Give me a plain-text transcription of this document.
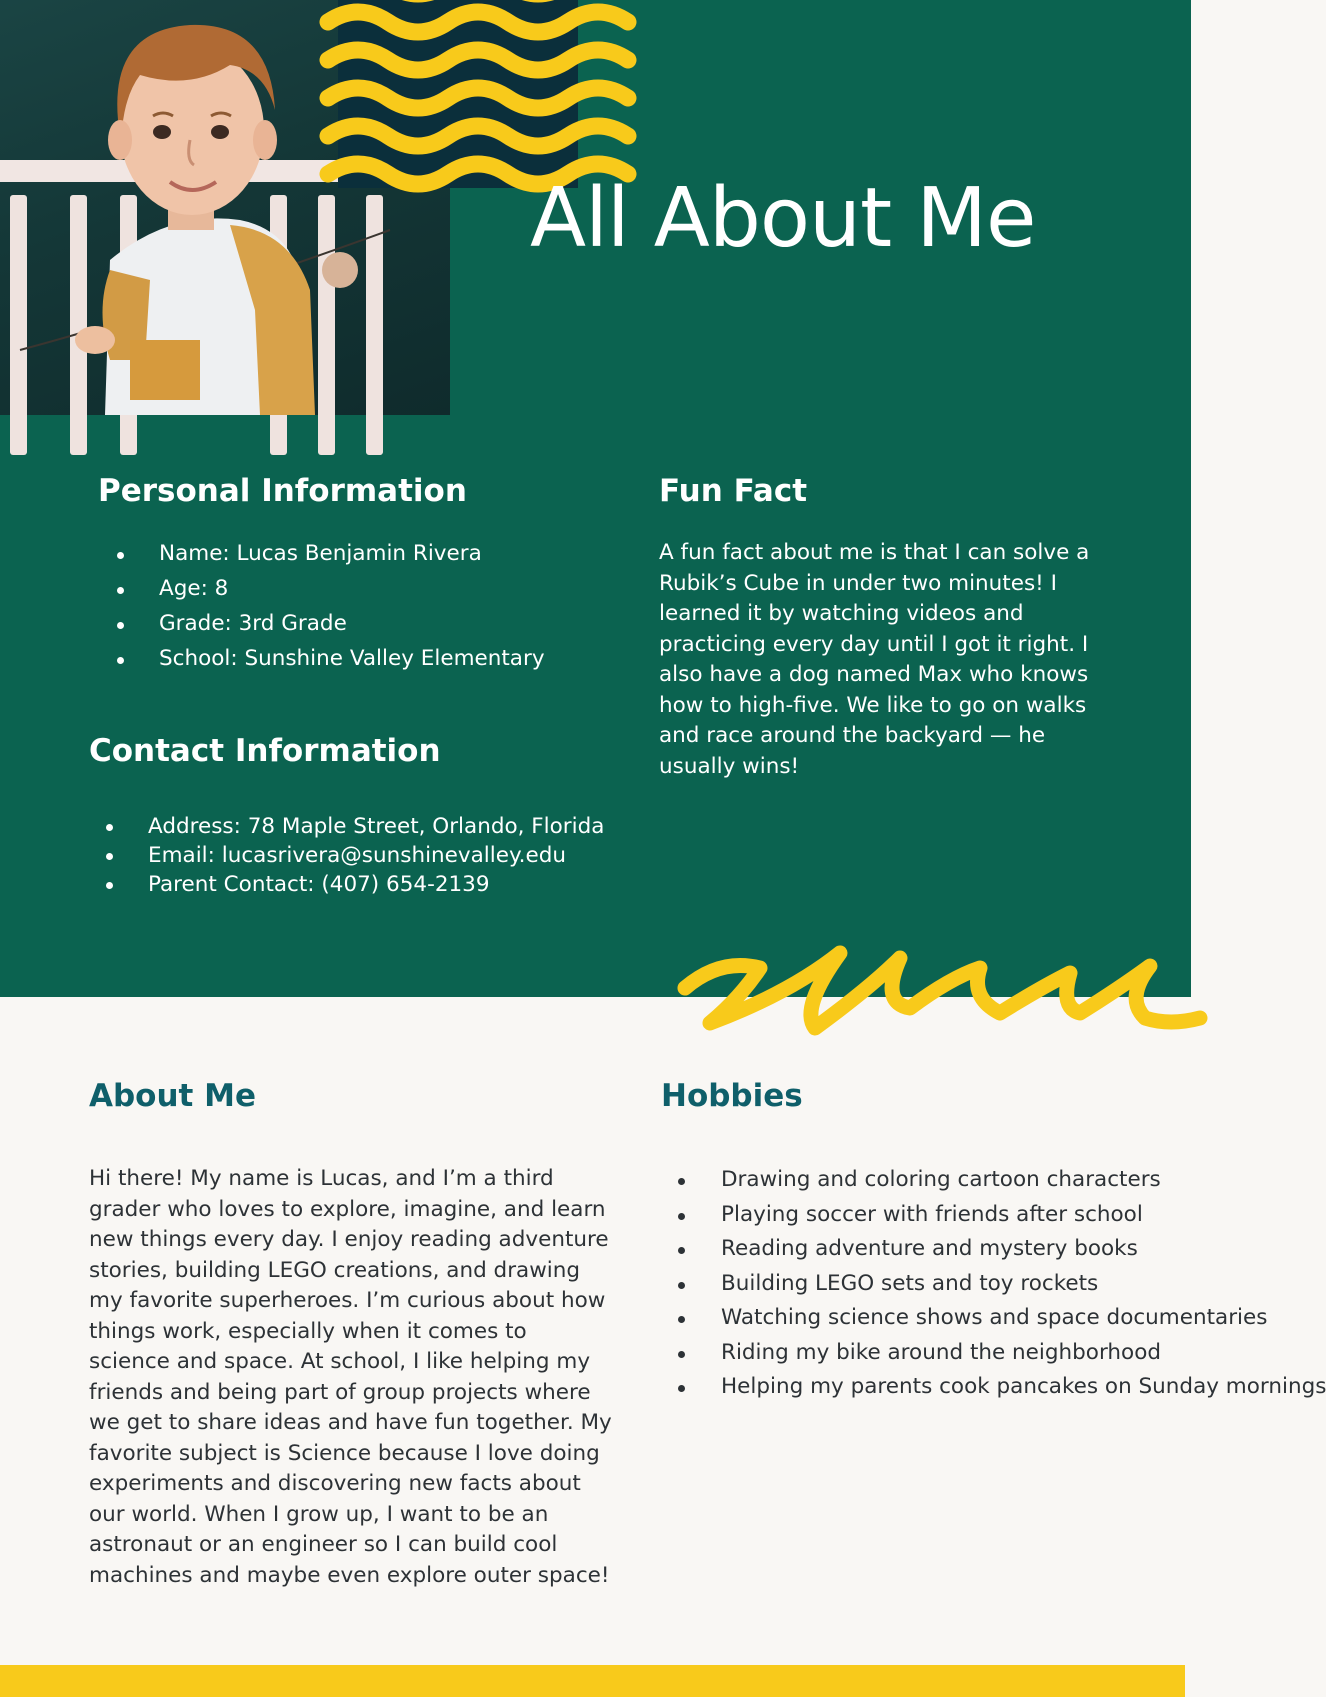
All About Me
Personal Information
Name: Lucas Benjamin Rivera
Age: 8
Grade: 3rd Grade
School: Sunshine Valley Elementary
Contact Information
Address: 78 Maple Street, Orlando, Florida
Email: lucasrivera@sunshinevalley.edu
Parent Contact: (407) 654-2139
Fun Fact

A fun fact about me is that I can solve a Rubik’s Cube in under two minutes! I learned it by watching videos and practicing every day until I got it right. I also have a dog named Max who knows how to high-five. We like to go on walks and race around the backyard — he usually wins!

About Me

Hi there! My name is Lucas, and I’m a third grader who loves to explore, imagine, and learn new things every day. I enjoy reading adventure stories, building LEGO creations, and drawing my favorite superheroes. I’m curious about how things work, especially when it comes to science and space. At school, I like helping my friends and being part of group projects where we get to share ideas and have fun together. My favorite subject is Science because I love doing experiments and discovering new facts about our world. When I grow up, I want to be an astronaut or an engineer so I can build cool machines and maybe even explore outer space!

Hobbies
Drawing and coloring cartoon characters
Playing soccer with friends after school
Reading adventure and mystery books
Building LEGO sets and toy rockets
Watching science shows and space documentaries
Riding my bike around the neighborhood
Helping my parents cook pancakes on Sunday mornings
